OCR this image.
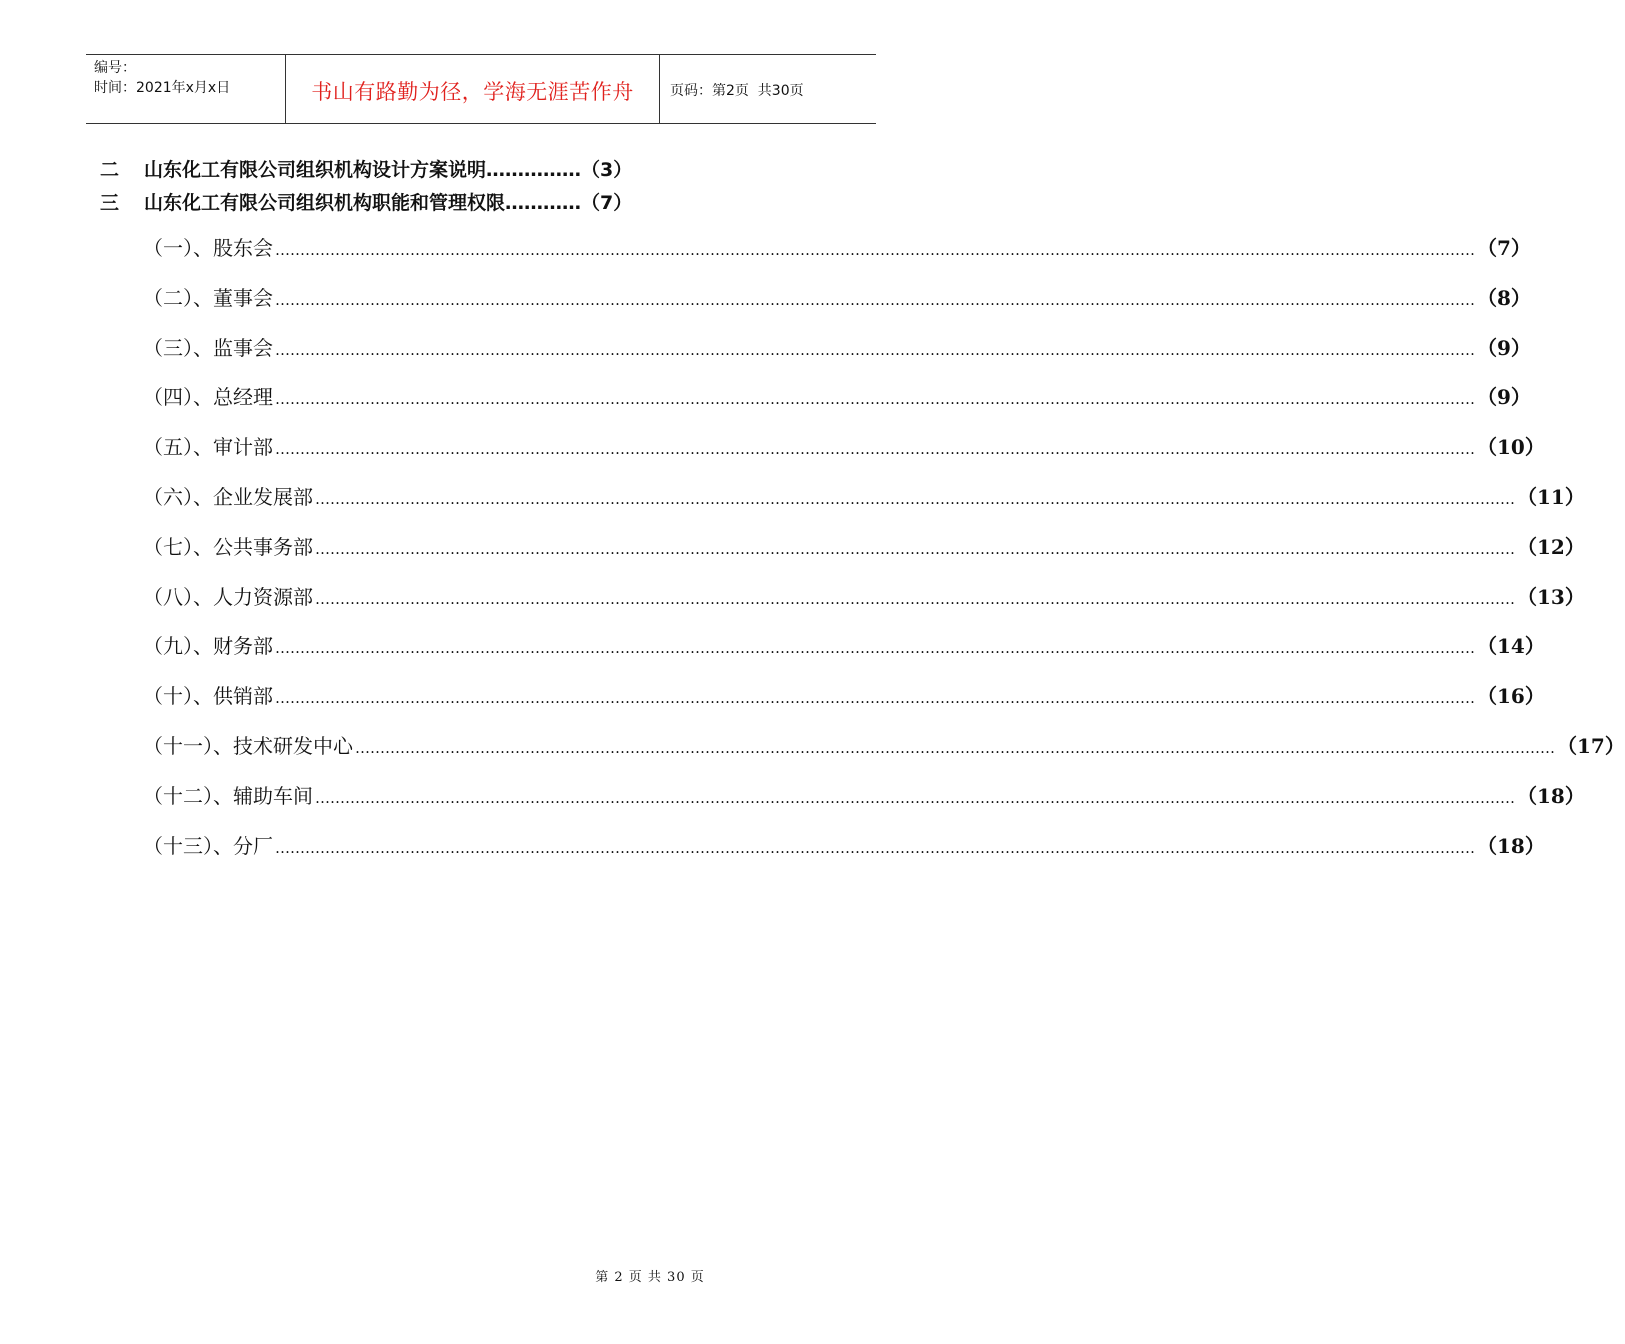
编号：
时间：2021年x月x日	书山有路勤为径，学海无涯苦作舟	页码：第2页  共30页
二	山东化工有限公司组织机构设计方案说明 …………… （3）
三	山东化工有限公司组织机构职能和管理权限 ………… （7）
（一）、股东会 …………………………………………………………………………………………………………………………………………………………………………………………………………………… （7）
（二）、董事会 …………………………………………………………………………………………………………………………………………………………………………………………………………………… （8）
（三）、监事会 …………………………………………………………………………………………………………………………………………………………………………………………………………………… （9）
（四）、总经理 …………………………………………………………………………………………………………………………………………………………………………………………………………………… （9）
（五）、审计部 …………………………………………………………………………………………………………………………………………………………………………………………………………………… （10）
（六）、企业发展部 …………………………………………………………………………………………………………………………………………………………………………………………………………………… （11）
（七）、公共事务部 …………………………………………………………………………………………………………………………………………………………………………………………………………………… （12）
（八）、人力资源部 …………………………………………………………………………………………………………………………………………………………………………………………………………………… （13）
（九）、财务部 …………………………………………………………………………………………………………………………………………………………………………………………………………………… （14）
（十）、供销部 …………………………………………………………………………………………………………………………………………………………………………………………………………………… （16）
（十一）、技术研发中心 …………………………………………………………………………………………………………………………………………………………………………………………………………………… （17）
（十二）、辅助车间 …………………………………………………………………………………………………………………………………………………………………………………………………………………… （18）
（十三）、分厂 …………………………………………………………………………………………………………………………………………………………………………………………………………………… （18）
第 2 页 共 30 页
